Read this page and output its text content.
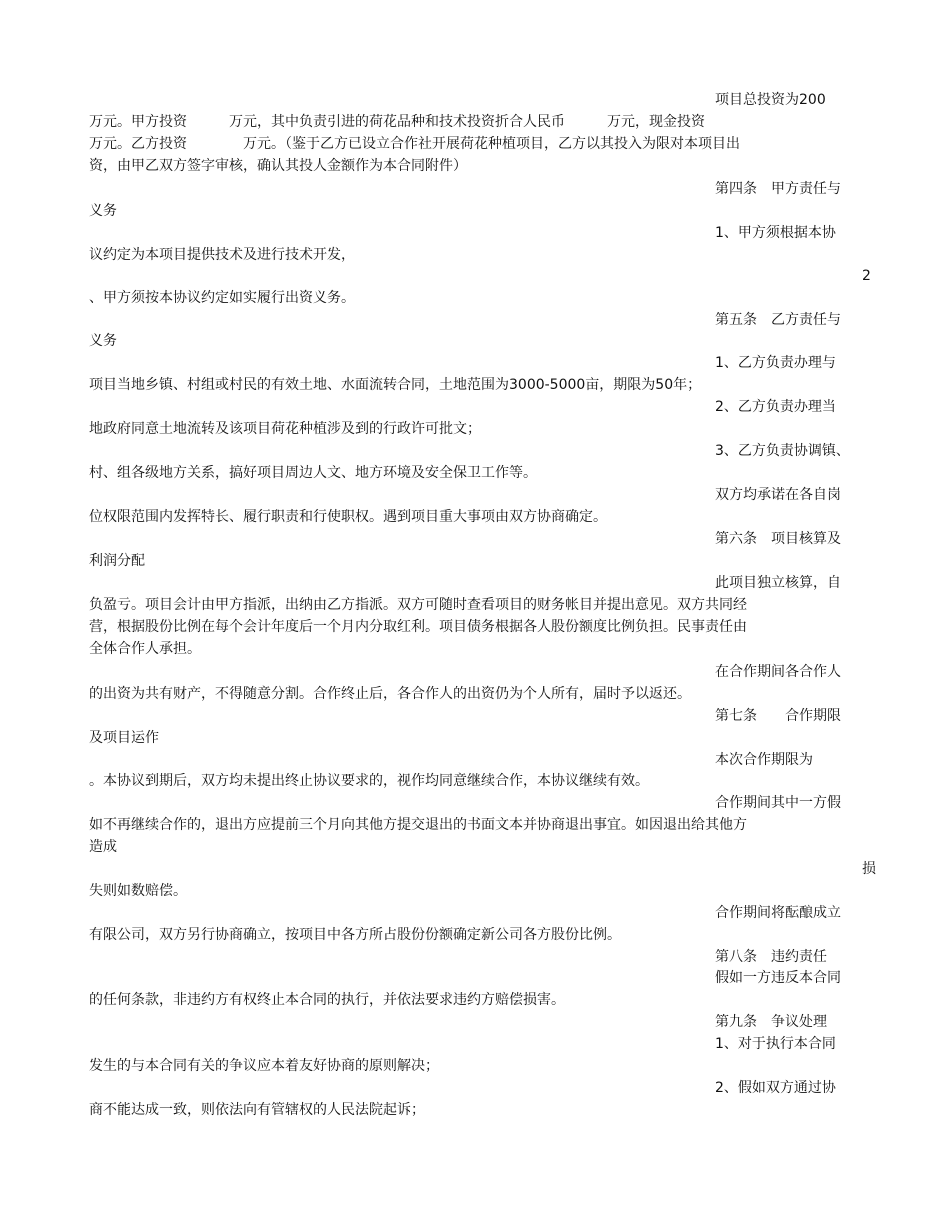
项目总投资为200
万元。甲方投资　　　万元，其中负责引进的荷花品种和技术投资折合人民币　　　万元，现金投资
万元。乙方投资　　　　万元。（鉴于乙方已设立合作社开展荷花种植项目，乙方以其投入为限对本项目出
资，由甲乙双方签字审核，确认其投人金额作为本合同附件）
第四条　甲方责任与
义务
1、甲方须根据本协
议约定为本项目提供技术及进行技术开发，
2
、甲方须按本协议约定如实履行出资义务。
第五条　乙方责任与
义务
1、乙方负责办理与
项目当地乡镇、村组或村民的有效土地、水面流转合同，土地范围为3000-5000亩，期限为50年；
2、乙方负责办理当
地政府同意土地流转及该项目荷花种植涉及到的行政许可批文；
3、乙方负责协调镇、
村、组各级地方关系，搞好项目周边人文、地方环境及安全保卫工作等。
双方均承诺在各自岗
位权限范围内发挥特长、履行职责和行使职权。遇到项目重大事项由双方协商确定。
第六条　项目核算及
利润分配
此项目独立核算，自
负盈亏。项目会计由甲方指派，出纳由乙方指派。双方可随时查看项目的财务帐目并提出意见。双方共同经
营，根据股份比例在每个会计年度后一个月内分取红利。项目债务根据各人股份额度比例负担。民事责任由
全体合作人承担。
在合作期间各合作人
的出资为共有财产，不得随意分割。合作终止后，各合作人的出资仍为个人所有，届时予以返还。
第七条　　合作期限
及项目运作
本次合作期限为
。本协议到期后，双方均未提出终止协议要求的，视作均同意继续合作，本协议继续有效。
合作期间其中一方假
如不再继续合作的，退出方应提前三个月向其他方提交退出的书面文本并协商退出事宜。如因退出给其他方
造成
损
失则如数赔偿。
合作期间将酝酿成立
有限公司，双方另行协商确立，按项目中各方所占股份份额确定新公司各方股份比例。
第八条　违约责任
假如一方违反本合同
的任何条款，非违约方有权终止本合同的执行，并依法要求违约方赔偿损害。
第九条　争议处理
1、对于执行本合同
发生的与本合同有关的争议应本着友好协商的原则解决；
2、假如双方通过协
商不能达成一致，则依法向有管辖权的人民法院起诉；
